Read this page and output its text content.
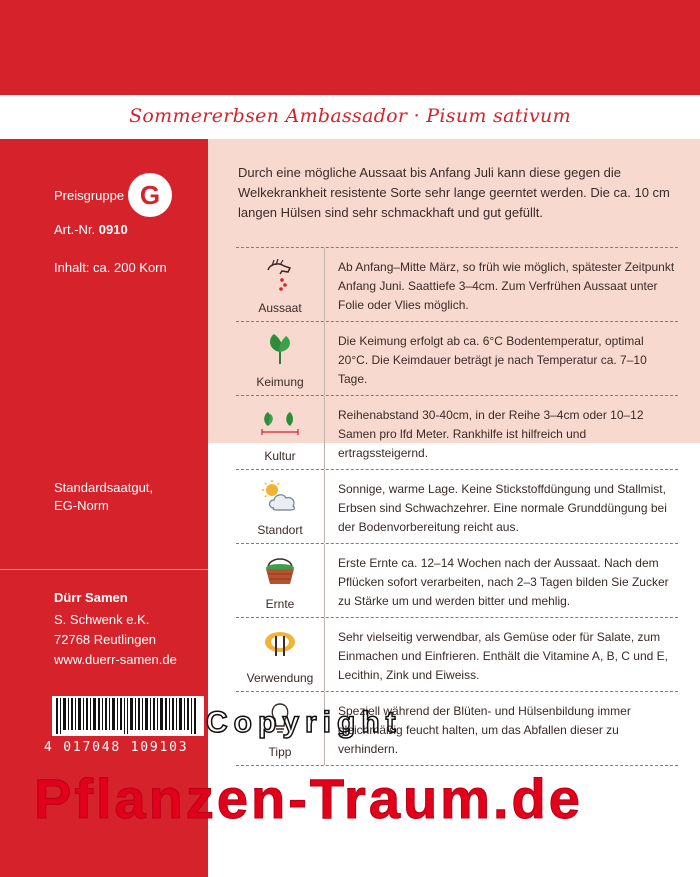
Sommererbsen Ambassador · Pisum sativum
Preisgruppe G
Art.-Nr. 0910
Inhalt: ca. 200 Korn
Standardsaatgut,
EG-Norm
Dürr Samen
S. Schwenk e.K.
72768 Reutlingen
www.duerr-samen.de
Durch eine mögliche Aussaat bis Anfang Juli kann diese gegen die Welkekrankheit resistente Sorte sehr lange geerntet werden. Die ca. 10 cm langen Hülsen sind sehr schmackhaft und gut gefüllt.
Aussaat
Ab Anfang–Mitte März, so früh wie möglich, spätester Zeitpunkt Anfang Juni. Saattiefe 3–4cm. Zum Verfrühen Aussaat unter Folie oder Vlies möglich.
Keimung
Die Keimung erfolgt ab ca. 6°C Bodentemperatur, optimal 20°C. Die Keimdauer beträgt je nach Temperatur ca. 7–10 Tage.
Kultur
Reihenabstand 30-40cm, in der Reihe 3–4cm oder 10–12 Samen pro lfd Meter. Rankhilfe ist hilfreich und ertragssteigernd.
Standort
Sonnige, warme Lage. Keine Stickstoffdüngung und Stallmist, Erbsen sind Schwachzehrer. Eine normale Grunddüngung bei der Bodenvorbereitung reicht aus.
Ernte
Erste Ernte ca. 12–14 Wochen nach der Aussaat. Nach dem Pflücken sofort verarbeiten, nach 2–3 Tagen bilden Sie Zucker zu Stärke um und werden bitter und mehlig.
Verwendung
Sehr vielseitig verwendbar, als Gemüse oder für Salate, zum Einmachen und Einfrieren. Enthält die Vitamine A, B, C und E, Lecithin, Zink und Eiweiss.
Tipp
Speziell während der Blüten- und Hülsenbildung immer gleichmäßig feucht halten, um das Abfallen dieser zu verhindern.
4 017048 109103
Copyright
Pflanzen-Traum.de
